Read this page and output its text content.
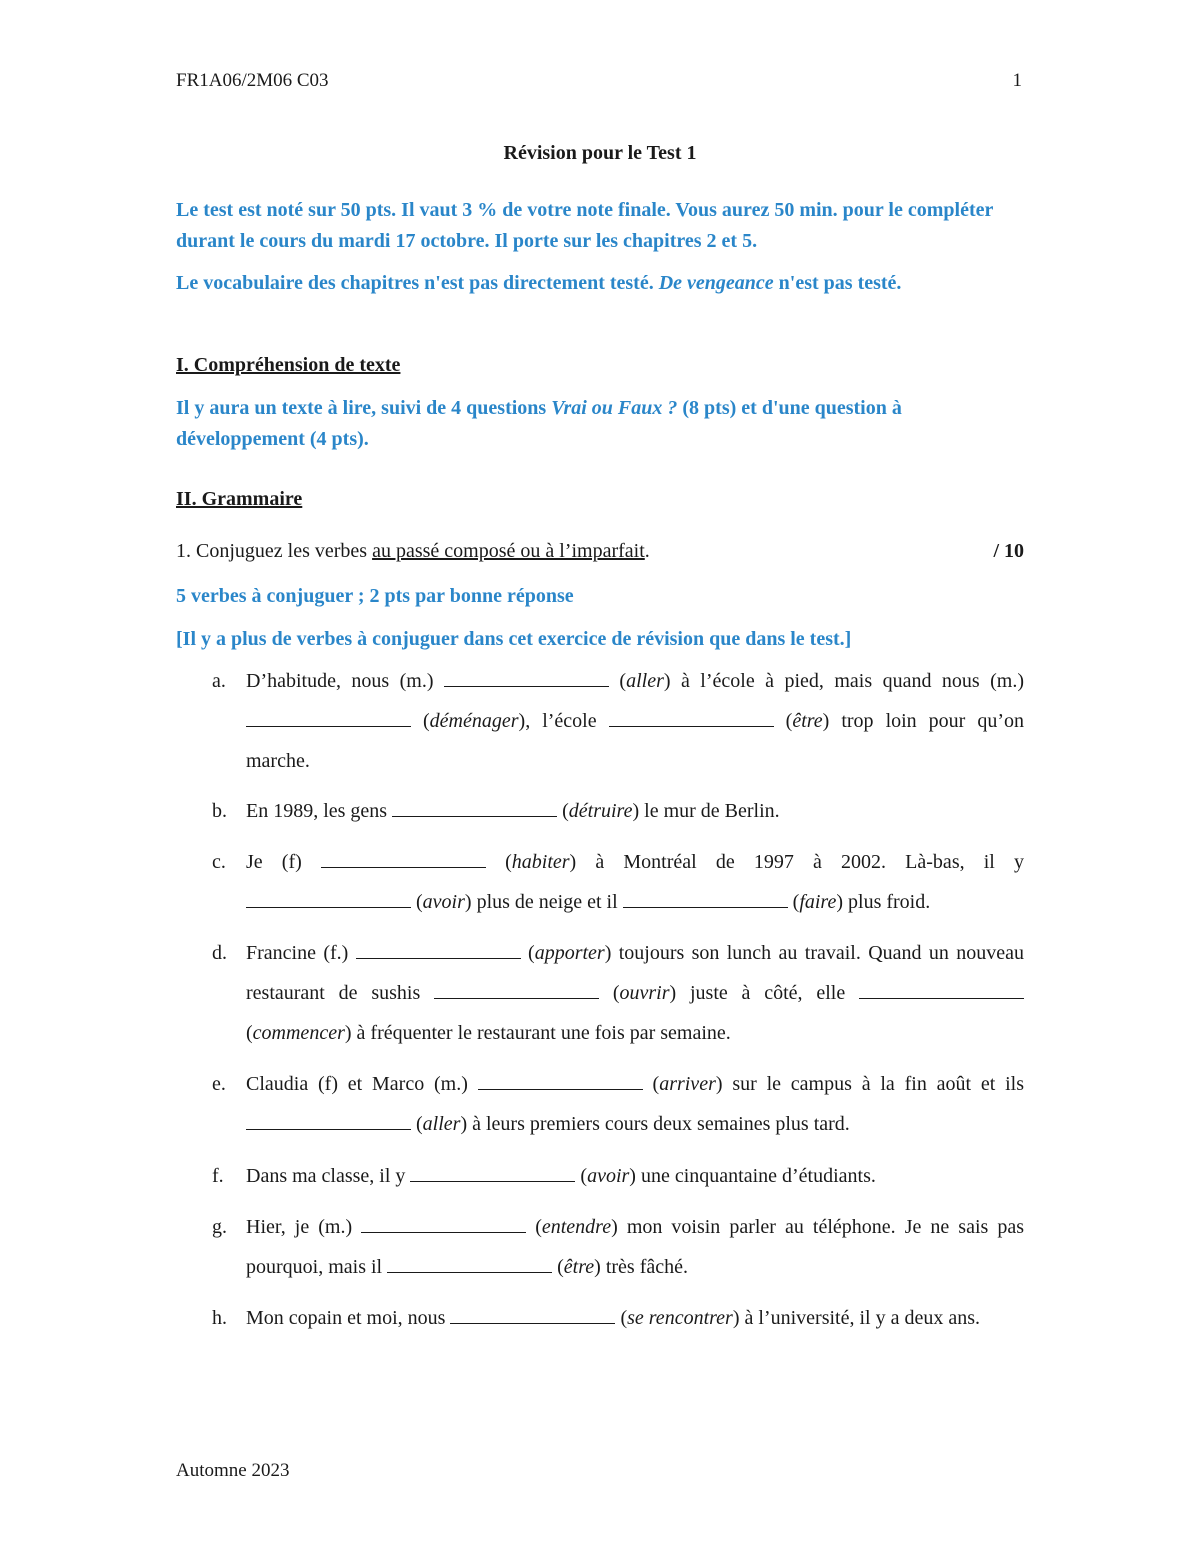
FR1A06/2M06 C03	1
Révision pour le Test 1
Le test est noté sur 50 pts. Il vaut 3 % de votre note finale. Vous aurez 50 min. pour le compléter durant le cours du mardi 17 octobre. Il porte sur les chapitres 2 et 5.
Le vocabulaire des chapitres n'est pas directement testé. De vengeance n'est pas testé.
I. Compréhension de texte
Il y aura un texte à lire, suivi de 4 questions Vrai ou Faux ? (8 pts) et d'une question à développement (4 pts).
II. Grammaire
1. Conjuguez les verbes au passé composé ou à l’imparfait.	/ 10
5 verbes à conjuguer ; 2 pts par bonne réponse
[Il y a plus de verbes à conjuguer dans cet exercice de révision que dans le test.]
a. D’habitude, nous (m.)	(aller) à l’école à pied, mais quand nous (m.)  (déménager), l’école	(être) trop loin pour qu’on marche.
b. En 1989, les gens	(détruire) le mur de Berlin.
c. Je (f)	(habiter) à Montréal de 1997 à 2002. Là-bas, il y  (avoir) plus de neige et il	(faire) plus froid.
d. Francine (f.)	(apporter) toujours son lunch au travail. Quand un nouveau restaurant de sushis	(ouvrir) juste à côté, elle  (commencer) à fréquenter le restaurant une fois par semaine.
e. Claudia (f) et Marco (m.)	(arriver) sur le campus à la fin août et ils  (aller) à leurs premiers cours deux semaines plus tard.
f. Dans ma classe, il y	(avoir) une cinquantaine d’étudiants.
g. Hier, je (m.)	(entendre) mon voisin parler au téléphone. Je ne sais pas pourquoi, mais il	(être) très fâché.
h. Mon copain et moi, nous	(se rencontrer) à l’université, il y a deux ans.
Automne 2023
